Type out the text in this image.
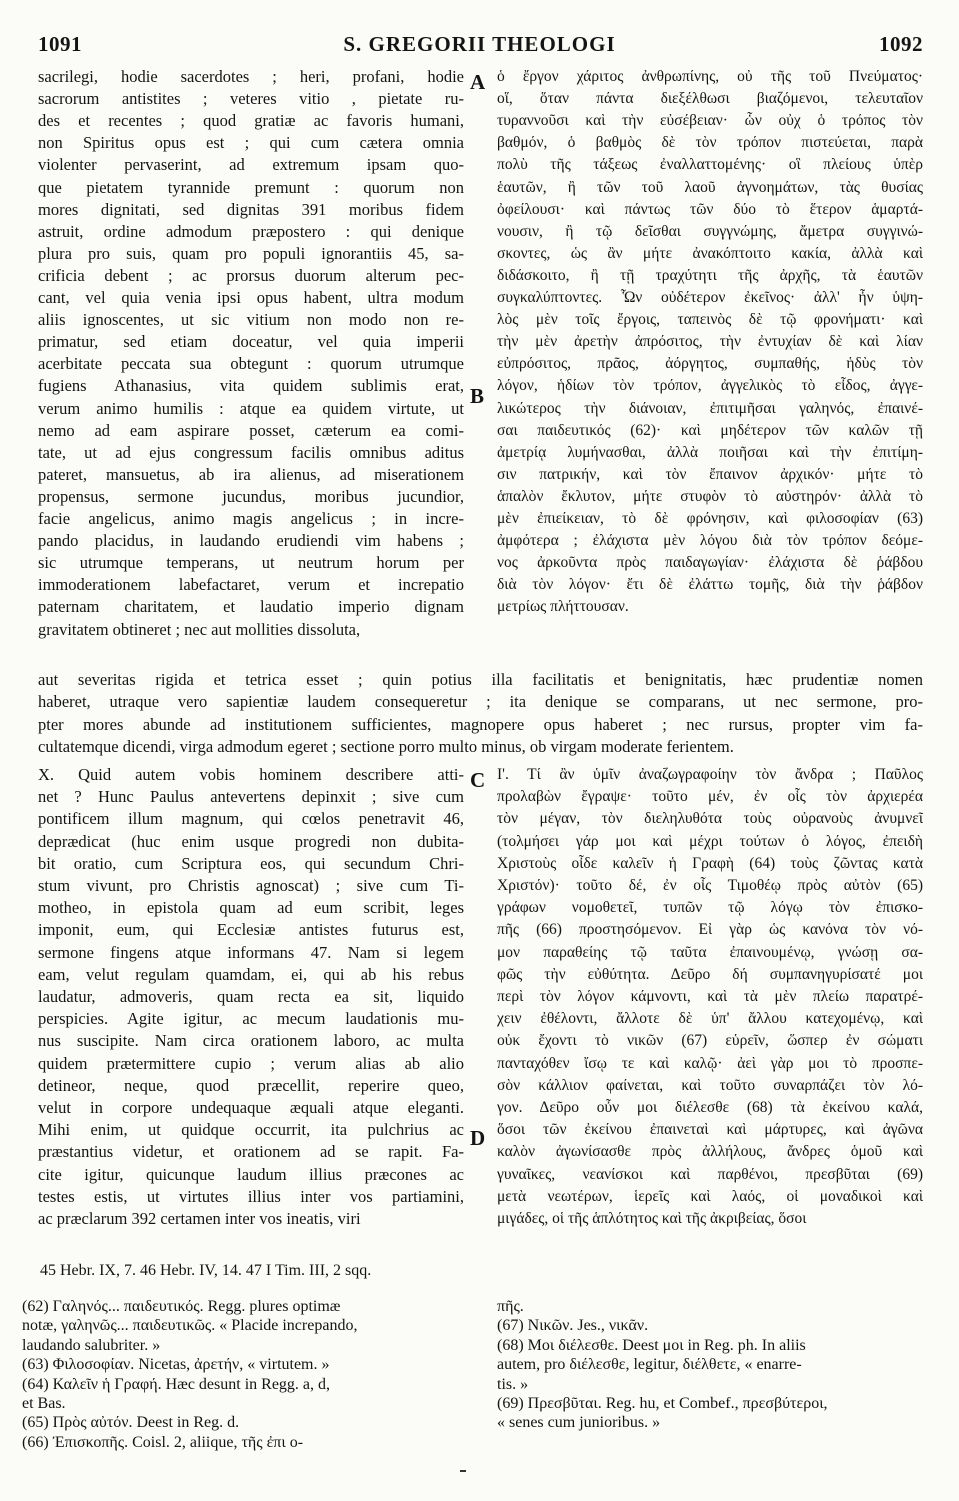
1091	S. GREGORII THEOLOGI	1092
sacrilegi, hodie sacerdotes ; heri, profani, hodie
sacrorum antistites ; veteres vitio , pietate ru-
des et recentes ; quod gratiæ ac favoris humani,
non Spiritus opus est ; qui cum cætera omnia
violenter pervaserint, ad extremum ipsam quo-
que pietatem tyrannide premunt : quorum non
mores dignitati, sed dignitas 391 moribus fidem
astruit, ordine admodum præpostero : qui denique
plura pro suis, quam pro populi ignorantiis 45, sa-
crificia debent ; ac prorsus duorum alterum pec-
cant, vel quia venia ipsi opus habent, ultra modum
aliis ignoscentes, ut sic vitium non modo non re-
primatur, sed etiam doceatur, vel quia imperii
acerbitate peccata sua obtegunt : quorum utrumque
fugiens Athanasius, vita quidem sublimis erat,
verum animo humilis : atque ea quidem virtute, ut
nemo ad eam aspirare posset, cæterum ea comi-
tate, ut ad ejus congressum facilis omnibus aditus
pateret, mansuetus, ab ira alienus, ad miserationem
propensus, sermone jucundus, moribus jucundior,
facie angelicus, animo magis angelicus ; in incre-
pando placidus, in laudando erudiendi vim habens ;
sic utrumque temperans, ut neutrum horum per
immoderationem labefactaret, verum et increpatio
paternam charitatem, et laudatio imperio dignam
gravitatem obtineret ; nec aut mollities dissoluta,
ὁ ἔργον χάριτος ἀνθρωπίνης, οὐ τῆς τοῦ Πνεύματος·
οἵ, ὅταν πάντα διεξέλθωσι βιαζόμενοι, τελευταῖον
τυραννοῦσι καὶ τὴν εὐσέβειαν· ὧν οὐχ ὁ τρόπος τὸν
βαθμόν, ὁ βαθμὸς δὲ τὸν τρόπον πιστεύεται, παρὰ
πολὺ τῆς τάξεως ἐναλλαττομένης· οἳ πλείους ὑπὲρ
ἑαυτῶν, ἢ τῶν τοῦ λαοῦ ἀγνοημάτων, τὰς θυσίας
ὀφείλουσι· καὶ πάντως τῶν δύο τὸ ἕτερον ἁμαρτά-
νουσιν, ἢ τῷ δεῖσθαι συγγνώμης, ἄμετρα συγγινώ-
σκοντες, ὡς ἂν μήτε ἀνακόπτοιτο κακία, ἀλλὰ καὶ
διδάσκοιτο, ἢ τῇ τραχύτητι τῆς ἀρχῆς, τὰ ἑαυτῶν
συγκαλύπτοντες. Ὧν οὐδέτερον ἐκεῖνος· ἀλλ' ἦν ὑψη-
λὸς μὲν τοῖς ἔργοις, ταπεινὸς δὲ τῷ φρονήματι· καὶ
τὴν μὲν ἀρετὴν ἀπρόσιτος, τὴν ἐντυχίαν δὲ καὶ λίαν
εὐπρόσιτος, πρᾶος, ἀόργητος, συμπαθής, ἡδὺς τὸν
λόγον, ἡδίων τὸν τρόπον, ἀγγελικὸς τὸ εἶδος, ἀγγε-
λικώτερος τὴν διάνοιαν, ἐπιτιμῆσαι γαληνός, ἐπαινέ-
σαι παιδευτικός (62)· καὶ μηδέτερον τῶν καλῶν τῇ
ἀμετρίᾳ λυμήνασθαι, ἀλλὰ ποιῆσαι καὶ τὴν ἐπιτίμη-
σιν πατρικήν, καὶ τὸν ἔπαινον ἀρχικόν· μήτε τὸ
ἁπαλὸν ἔκλυτον, μήτε στυφὸν τὸ αὐστηρόν· ἀλλὰ τὸ
μὲν ἐπιείκειαν, τὸ δὲ φρόνησιν, καὶ φιλοσοφίαν (63)
ἀμφότερα ; ἐλάχιστα μὲν λόγου διὰ τὸν τρόπον δεόμε-
νος ἀρκοῦντα πρὸς παιδαγωγίαν· ἐλάχιστα δὲ ῥάβδου
διὰ τὸν λόγον· ἔτι δὲ ἐλάττω τομῆς, διὰ τὴν ῥάβδον
μετρίως πλήττουσαν.
aut severitas rigida et tetrica esset ; quin potius illa facilitatis et benignitatis, hæc prudentiæ nomen
haberet, utraque vero sapientiæ laudem consequeretur ; ita denique se comparans, ut nec sermone, pro-
pter mores abunde ad institutionem sufficientes, magnopere opus haberet ; nec rursus, propter vim fa-
cultatemque dicendi, virga admodum egeret ; sectione porro multo minus, ob virgam moderate ferientem.
X. Quid autem vobis hominem describere atti-
net ? Hunc Paulus antevertens depinxit ; sive cum
pontificem illum magnum, qui cœlos penetravit 46,
deprædicat (huc enim usque progredi non dubita-
bit oratio, cum Scriptura eos, qui secundum Chri-
stum vivunt, pro Christis agnoscat) ; sive cum Ti-
motheo, in epistola quam ad eum scribit, leges
imponit, eum, qui Ecclesiæ antistes futurus est,
sermone fingens atque informans 47. Nam si legem
eam, velut regulam quamdam, ei, qui ab his rebus
laudatur, admoveris, quam recta ea sit, liquido
perspicies. Agite igitur, ac mecum laudationis mu-
nus suscipite. Nam circa orationem laboro, ac multa
quidem prætermittere cupio ; verum alias ab alio
detineor, neque, quod præcellit, reperire queo,
velut in corpore undequaque æquali atque eleganti.
Mihi enim, ut quidque occurrit, ita pulchrius ac
præstantius videtur, et orationem ad se rapit. Fa-
cite igitur, quicunque laudum illius præcones ac
testes estis, ut virtutes illius inter vos partiamini,
ac præclarum 392 certamen inter vos ineatis, viri
Ι'. Τί ἂν ὑμῖν ἀναζωγραφοίην τὸν ἄνδρα ; Παῦλος
προλαβὼν ἔγραψε· τοῦτο μέν, ἐν οἷς τὸν ἀρχιερέα
τὸν μέγαν, τὸν διεληλυθότα τοὺς οὐρανοὺς ἀνυμνεῖ
(τολμήσει γάρ μοι καὶ μέχρι τούτων ὁ λόγος, ἐπειδὴ
Χριστοὺς οἶδε καλεῖν ἡ Γραφὴ (64) τοὺς ζῶντας κατὰ
Χριστόν)· τοῦτο δέ, ἐν οἷς Τιμοθέῳ πρὸς αὐτὸν (65)
γράφων νομοθετεῖ, τυπῶν τῷ λόγῳ τὸν ἐπισκο-
πῆς (66) προστησόμενον. Εἰ γὰρ ὡς κανόνα τὸν νό-
μον παραθείης τῷ ταῦτα ἐπαινουμένῳ, γνώσῃ σα-
φῶς τὴν εὐθύτητα. Δεῦρο δή συμπανηγυρίσατέ μοι
περὶ τὸν λόγον κάμνοντι, καὶ τὰ μὲν πλείω παρατρέ-
χειν ἐθέλοντι, ἄλλοτε δὲ ὑπ' ἄλλου κατεχομένῳ, καὶ
οὐκ ἔχοντι τὸ νικῶν (67) εὑρεῖν, ὥσπερ ἐν σώματι
πανταχόθεν ἴσῳ τε καὶ καλῷ· ἀεὶ γὰρ μοι τὸ προσπε-
σὸν κάλλιον φαίνεται, καὶ τοῦτο συναρπάζει τὸν λό-
γον. Δεῦρο οὖν μοι διέλεσθε (68) τὰ ἐκείνου καλά,
ὅσοι τῶν ἐκείνου ἐπαινεταὶ καὶ μάρτυρες, καὶ ἀγῶνα
καλὸν ἀγωνίσασθε πρὸς ἀλλήλους, ἄνδρες ὁμοῦ καὶ
γυναῖκες, νεανίσκοι καὶ παρθένοι, πρεσβῦται (69)
μετὰ νεωτέρων, ἱερεῖς καὶ λαός, οἱ μοναδικοὶ καὶ
μιγάδες, οἱ τῆς ἁπλότητος καὶ τῆς ἀκριβείας, ὅσοι
A
B
C
D
45 Hebr. IX, 7. 46 Hebr. IV, 14. 47 I Tim. III, 2 sqq.
(62) Γαληνός... παιδευτικός. Regg. plures optimæ
notæ, γαληνῶς... παιδευτικῶς. « Placide increpando,
laudando salubriter. »
(63) Φιλοσοφίαν. Nicetas, ἀρετήν, « virtutem. »
(64) Καλεῖν ἡ Γραφή. Hæc desunt in Regg. a, d,
et Bas.
(65) Πρὸς αὐτόν. Deest in Reg. d.
(66) Ἐπισκοπῆς. Coisl. 2, aliique, τῆς ἐπι ο-
πῆς.
(67) Νικῶν. Jes., νικᾶν.
(68) Μοι διέλεσθε. Deest μοι in Reg. ph. In aliis
autem, pro διέλεσθε, legitur, διέλθετε, « enarre-
tis. »
(69) Πρεσβῦται. Reg. hu, et Combef., πρεσβύτεροι,
« senes cum junioribus. »
